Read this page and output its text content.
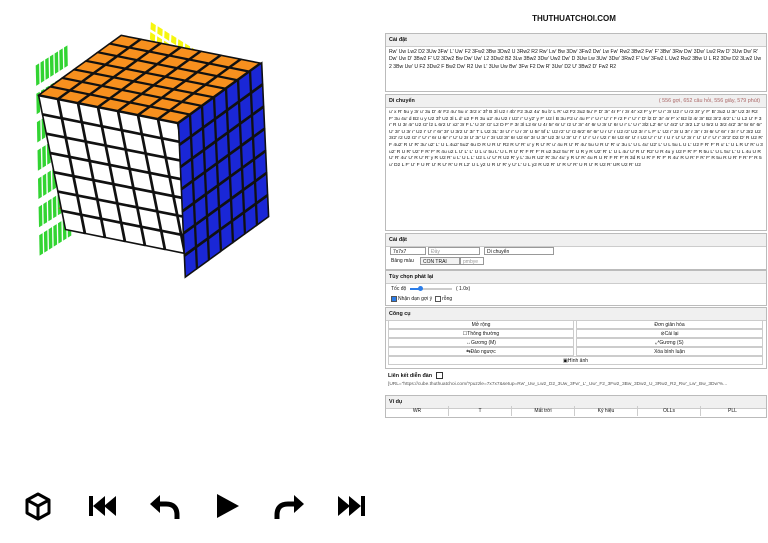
THUTHUATCHOI.COM
Cài đặt
Rw' Uw Lw2 D2 3Uw 3Fw' L' Uw' F2 3Fw2 3Bw 3Dw2 U 3Rw2 R2 Rw' Lw' Bw 3Dw' 3Fw2 Dw' Lw Fw' Rw2 3Bw2 Fw' F' 3Bw' 3Rw Dw' 3Dw' Lw2 Rw D' 3Uw Dw' R' Dw' Uw D' 3Bw2 F' U2 3Dw2 Bw Dw' Uw' L2 3Dw2 B2 3Lw 3Bw2 3Dw' Uw2 Dw' D 3Uw Lw 3Uw' 3Dw' 3Rw2 F' Uw' 3Fw2 L Uw2 Rw2 3Bw U L R2 3Dw D2 3Lw2 Uw2 3Bw Uw' U F2 3Dw2 F Bw2 Dw' R2 Uw L' 3Uw Uw Bw' 3Fw F2 Dw R' 3Uw' D2 U' 3Bw2 D' Fw2 R2
Di chuyển	( 556 gợi, 652 câu hỏi, 556 giây, 579 phút)
u' x R' 5u y 3r u' 3u D' 4r F2 4u' 5u x' 3r2 x' 3f' B 3l U2 r 4b' F2 3u2 4u' 5u b' L R' u2 F2 3u2 5u' F D' 3r' 4r F' r 3r 4r' x2 F' y F' U r' 3r U2 r' U r2 3r' y' F' B' 3u2 U 3r' U2 3r R2 F' 3u 4u' d B2 u y U2 3f' U2 3l L d' u2 F R 3u u2' 4u U2 r U2' r' U y2' y F' U2 l B 3u F2 u' 4u F' r' U r' U' r' F r2 F r' U' r' D' l2 D' 3r' 4r F' x' B2 l2 4r 3r' B2 3r'2 4r2' L' U L2 U' F 3r' R U 3r 4r' U2 r2' l2 L 6r2 U' x2' 3r F L' U 3r' r2' L2 D F' F 3r 3l L2 6r U 4r 5r' 6r U' r2 U' 3r' 4r' 6r U 3r U' 6r U r' L' U r' 3l2 L2' 6r' U' 4r2' U' 3r2 L2' U 5r2 U 3r2 4r2' 3r' 5r 6r' 6r' U' 3r' U 3r r' U2 r' U' r' 6r' 3r' U 3r2 U' 3r' T L U2 3L' 3r U' r' U r 3r' U 5r' 5f L' U2 r2' U' r2 6r2' 6r' 6r' U r U' r U2 r2' U2 3r r' L F' L' U2 r' 3r U 3r' r 3r' r 3r 6r U' 6r' r 3r r' U' 3r2 U2 3r2' r2 U2 r2' r' U' r' 6r U 6r' r' U' U 3r U' 3r' U r' 3r U2 3r' 6r U2 6r' 3r U 3r' U2 3r U 3r' U' r' U' r' U r U2 r' 6r U2 6r' U' r U2 U' r' U' r U r' U' U' 3r r' U' U' r' U' r' 3r'2' D2 D' R U2 R' F 4u2' R U' R' 3u' u2' L' U L 4u2' 5u2' 6u D R U R U' R2 R U' R' u' y R U' R' u' 4u R U' R' 4u' 5u U R U' R' u' 3u L' U L 4u' U2' L' U L 5u L U L' U2 F R' F' R u' L' U L R U' R' u 3u2' R U R' U2' F R' F' R 4u u2 L U' L' L' U L u' 5u L' U L R U' R' F R' F' R u2 3u2 5u' R' U R y R U2' R' L' U L 4u' U' R U' R2' U R 4u y U2 F R' F' R 5u L' U L 5u' L' U L 4u U R U' R' 4u' U' R U' R' y R U2 R' u L' U L L' U2 L u' U' R U2 R' y L' 3u R U2' R' 3u' 4u' y R U' R' 4u R U R' F R' F' R 3d R U R' F R' F' R 4u' R U R' F R' F' R 5u R U R' F R' F' R 5u' D2 L F' U' F U R' U' R U' R' U R L2' U L y2 U R U' R' y U' L' U L y2 R U2 R' U' R U' R' U R U' R U2 R' UR U2 R' U2
Cài đặt
7x7x7	Đầy	Di chuyển
Bảng màu	CON TRAI	pmbye
Tùy chọn phát lại
Tốc độ	( 1.0x)
Nhận dạn gợi ý rỗng
Công cụ
Mở rộng	Đơn giản hóa
☐Thông thường	⊘Cài lại
↔Gương (M)	⤢Gương (S)
⇆Đảo ngược	Xóa bình luận
▣Hình ảnh
Liên kết diễn đàn
[URL="https://cube.thuthuatchoi.com/?puzzle=7x7x7&setup=Rw'_Uw_Lw2_D2_3Uw_3Fw'_L'_Uw'_F2_3Fw2_3Bw_3Dw2_U_3Rw2_R2_Rw'_Lw'_Bw_3Dw'%...
Ví dụ
WR	T	Mất trời	Ký hiệu	OLLs	PLL
